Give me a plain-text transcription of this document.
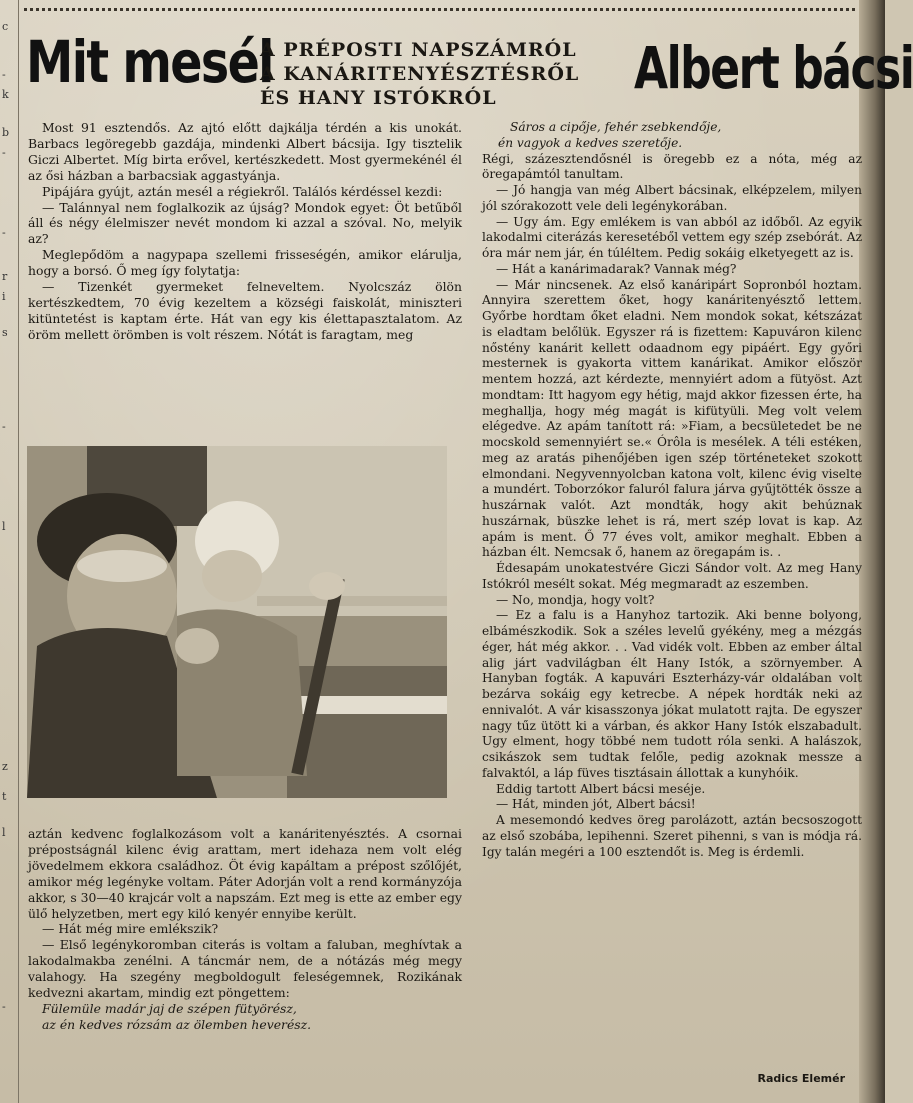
c
-
k
b
-
-
r
i
s
-
l
z
t
l
-
Mit mesél
A PRÉPOSTI NAPSZÁMRÓL
A KANÁRITENYÉSZTÉSRŐL
ÉS HANY ISTÓKRÓL	Albert bácsi

Most 91 esztendős. Az ajtó előtt dajkálja térdén a kis unokát. Barbacs legöregebb gazdája, mindenki Albert bácsija. Igy tisztelik Giczi Albertet. Míg birta erővel, kertészkedett. Most gyermekénél él az ősi házban a barbacsiak aggastyánja.

Pipájára gyújt, aztán mesél a régiekről. Találós kérdéssel kezdi:

— Talánnyal nem foglalkozik az újság? Mondok egyet: Öt betűből áll és négy élelmiszer nevét mondom ki azzal a szóval. No, melyik az?

Meglepődöm a nagypapa szellemi frisseségén, amikor elárulja, hogy a borsó. Ő meg így folytatja:

— Tizenkét gyermeket felneveltem. Nyolcszáz ölön kertészkedtem, 70 évig kezeltem a községi faiskolát, miniszteri kitüntetést is kaptam érte. Hát van egy kis élettapasztalatom. Az öröm mellett örömben is volt részem. Nótát is faragtam, meg

aztán kedvenc foglalkozásom volt a kanáritenyésztés. A csornai prépostságnál kilenc évig arattam, mert idehaza nem volt elég jövedelmem ekkora családhoz. Öt évig kapáltam a prépost szőlőjét, amikor még legényke voltam. Páter Adorján volt a rend kormányzója akkor, s 30—40 krajcár volt a napszám. Ezt meg is ette az ember egy ülő helyzetben, mert egy kiló kenyér ennyibe került.

— Hát még mire emlékszik?

— Első legénykoromban citerás is voltam a faluban, meghívtak a lakodalmakba zenélni. A táncmár nem, de a nótázás még megy valahogy. Ha szegény megboldogult feleségemnek, Rozikának kedvezni akartam, mindig ezt pöngettem:

Fülemüle madár jaj de szépen fütyörész,

az én kedves rózsám az ölemben heverész.

Sáros a cipője, fehér zsebkendője,

én vagyok a kedves szeretője.

Régi, százesztendősnél is öregebb ez a nóta, még az öregapámtól tanultam.

— Jó hangja van még Albert bácsinak, elképzelem, milyen jól szórakozott vele deli legénykorában.

— Ugy ám. Egy emlékem is van abból az időből. Az egyik lakodalmi citerázás keresetéből vettem egy szép zsebórát. Az óra már nem jár, én túléltem. Pedig sokáig elketyegett az is.

— Hát a kanárimadarak? Vannak még?

— Már nincsenek. Az első kanáripárt Sopronból hoztam. Annyira szerettem őket, hogy kanáritenyésztő lettem. Győrbe hordtam őket eladni. Nem mondok sokat, kétszázat is eladtam belőlük. Egyszer rá is fizettem: Kapuváron kilenc nőstény kanárit kellett odaadnom egy pipáért. Egy győri mesternek is gyakorta vittem kanárikat. Amikor először mentem hozzá, azt kérdezte, mennyiért adom a fütyöst. Azt mondtam: Itt hagyom egy hétig, majd akkor fizessen érte, ha meghallja, hogy még magát is kifütyüli. Meg volt velem elégedve. Az apám tanított rá: »Fiam, a becsületedet be ne mocskold semennyiért se.« Órôla is mesélek. A téli estéken, meg az aratás pihenőjében igen szép történeteket szokott elmondani. Negyvennyolcban katona volt, kilenc évig viselte a mundért. Toborzókor faluról falura járva gyűjtötték össze a huszárnak valót. Azt mondták, hogy akit behúznak huszárnak, büszke lehet is rá, mert szép lovat is kap. Az apám is ment. Ő 77 éves volt, amikor meghalt. Ebben a házban élt. Nemcsak ő, hanem az öregapám is. .

Édesapám unokatestvére Giczi Sándor volt. Az meg Hany Istókról mesélt sokat. Még megmaradt az eszemben.

— No, mondja, hogy volt?

— Ez a falu is a Hanyhoz tartozik. Aki benne bolyong, elbámészkodik. Sok a széles levelű gyékény, meg a mézgás éger, hát még akkor. . . Vad vidék volt. Ebben az ember által alig járt vadvilágban élt Hany Istók, a szörnyember. A Hanyban fogták. A kapuvári Eszterházy-vár oldalában volt bezárva sokáig egy ketrecbe. A népek hordták neki az ennivalót. A vár kisasszonya jókat mulatott rajta. De egyszer nagy tűz ütött ki a várban, és akkor Hany Istók elszabadult. Ugy elment, hogy többé nem tudott róla senki. A halászok, csikászok sem tudtak felőle, pedig azoknak messze a falvaktól, a láp füves tisztásain állottak a kunyhóik.

Eddig tartott Albert bácsi meséje.

— Hát, minden jót, Albert bácsi!

A mesemondó kedves öreg parolázott, aztán becsoszogott az első szobába, lepihenni. Szeret pihenni, s van is módja rá. Igy talán megéri a 100 esztendőt is. Meg is érdemli.

Radics Elemér
